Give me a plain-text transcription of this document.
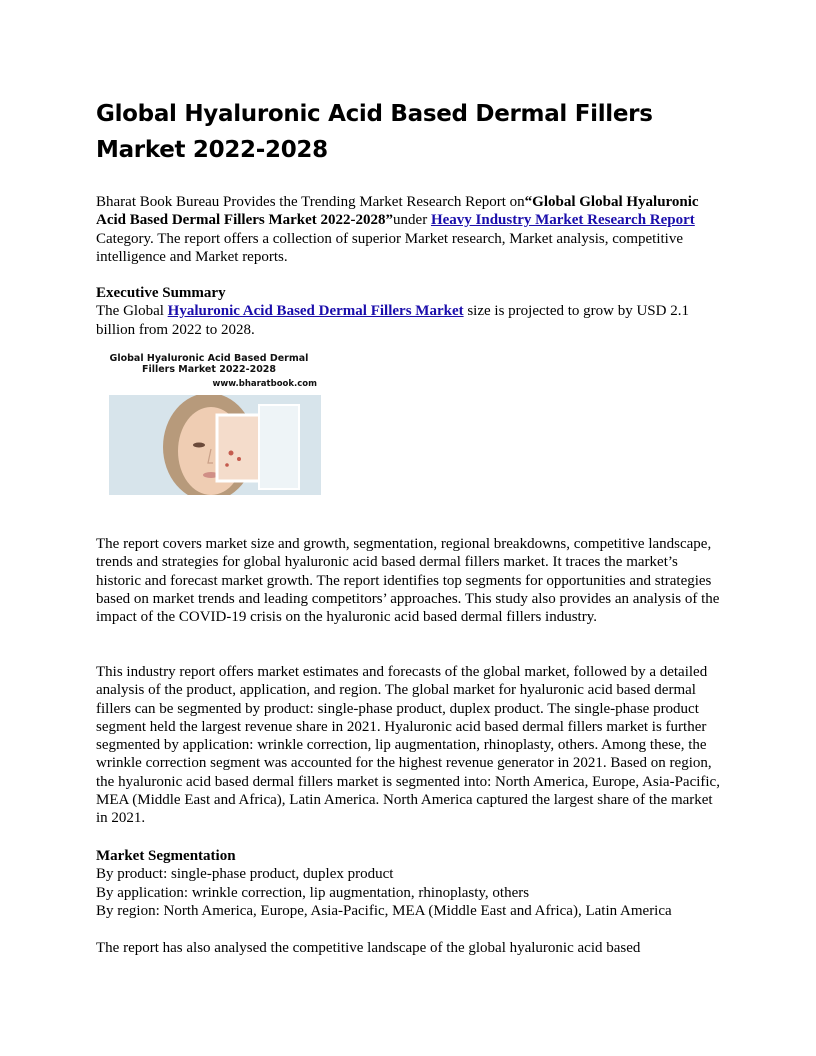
Global Hyaluronic Acid Based Dermal Fillers Market 2022-2028

Bharat Book Bureau Provides the Trending Market Research Report on“Global Global Hyaluronic Acid Based Dermal Fillers Market 2022-2028”under Heavy Industry Market Research Report Category. The report offers a collection of superior Market research, Market analysis, competitive intelligence and Market reports.

Executive Summary

The Global Hyaluronic Acid Based Dermal Fillers Market size is projected to grow by USD 2.1 billion from 2022 to 2028.

Global Hyaluronic Acid Based Dermal Fillers Market 2022-2028
www.bharatbook.com

The report covers market size and growth, segmentation, regional breakdowns, competitive landscape, trends and strategies for global hyaluronic acid based dermal fillers market. It traces the market’s historic and forecast market growth. The report identifies top segments for opportunities and strategies based on market trends and leading competitors’ approaches. This study also provides an analysis of the impact of the COVID-19 crisis on the hyaluronic acid based dermal fillers industry.

This industry report offers market estimates and forecasts of the global market, followed by a detailed analysis of the product, application, and region. The global market for hyaluronic acid based dermal fillers can be segmented by product: single-phase product, duplex product. The single-phase product segment held the largest revenue share in 2021. Hyaluronic acid based dermal fillers market is further segmented by application: wrinkle correction, lip augmentation, rhinoplasty, others. Among these, the wrinkle correction segment was accounted for the highest revenue generator in 2021. Based on region, the hyaluronic acid based dermal fillers market is segmented into: North America, Europe, Asia-Pacific, MEA (Middle East and Africa), Latin America. North America captured the largest share of the market in 2021.

Market Segmentation

By product: single-phase product, duplex product

By application: wrinkle correction, lip augmentation, rhinoplasty, others

By region: North America, Europe, Asia-Pacific, MEA (Middle East and Africa), Latin America

The report has also analysed the competitive landscape of the global hyaluronic acid based
